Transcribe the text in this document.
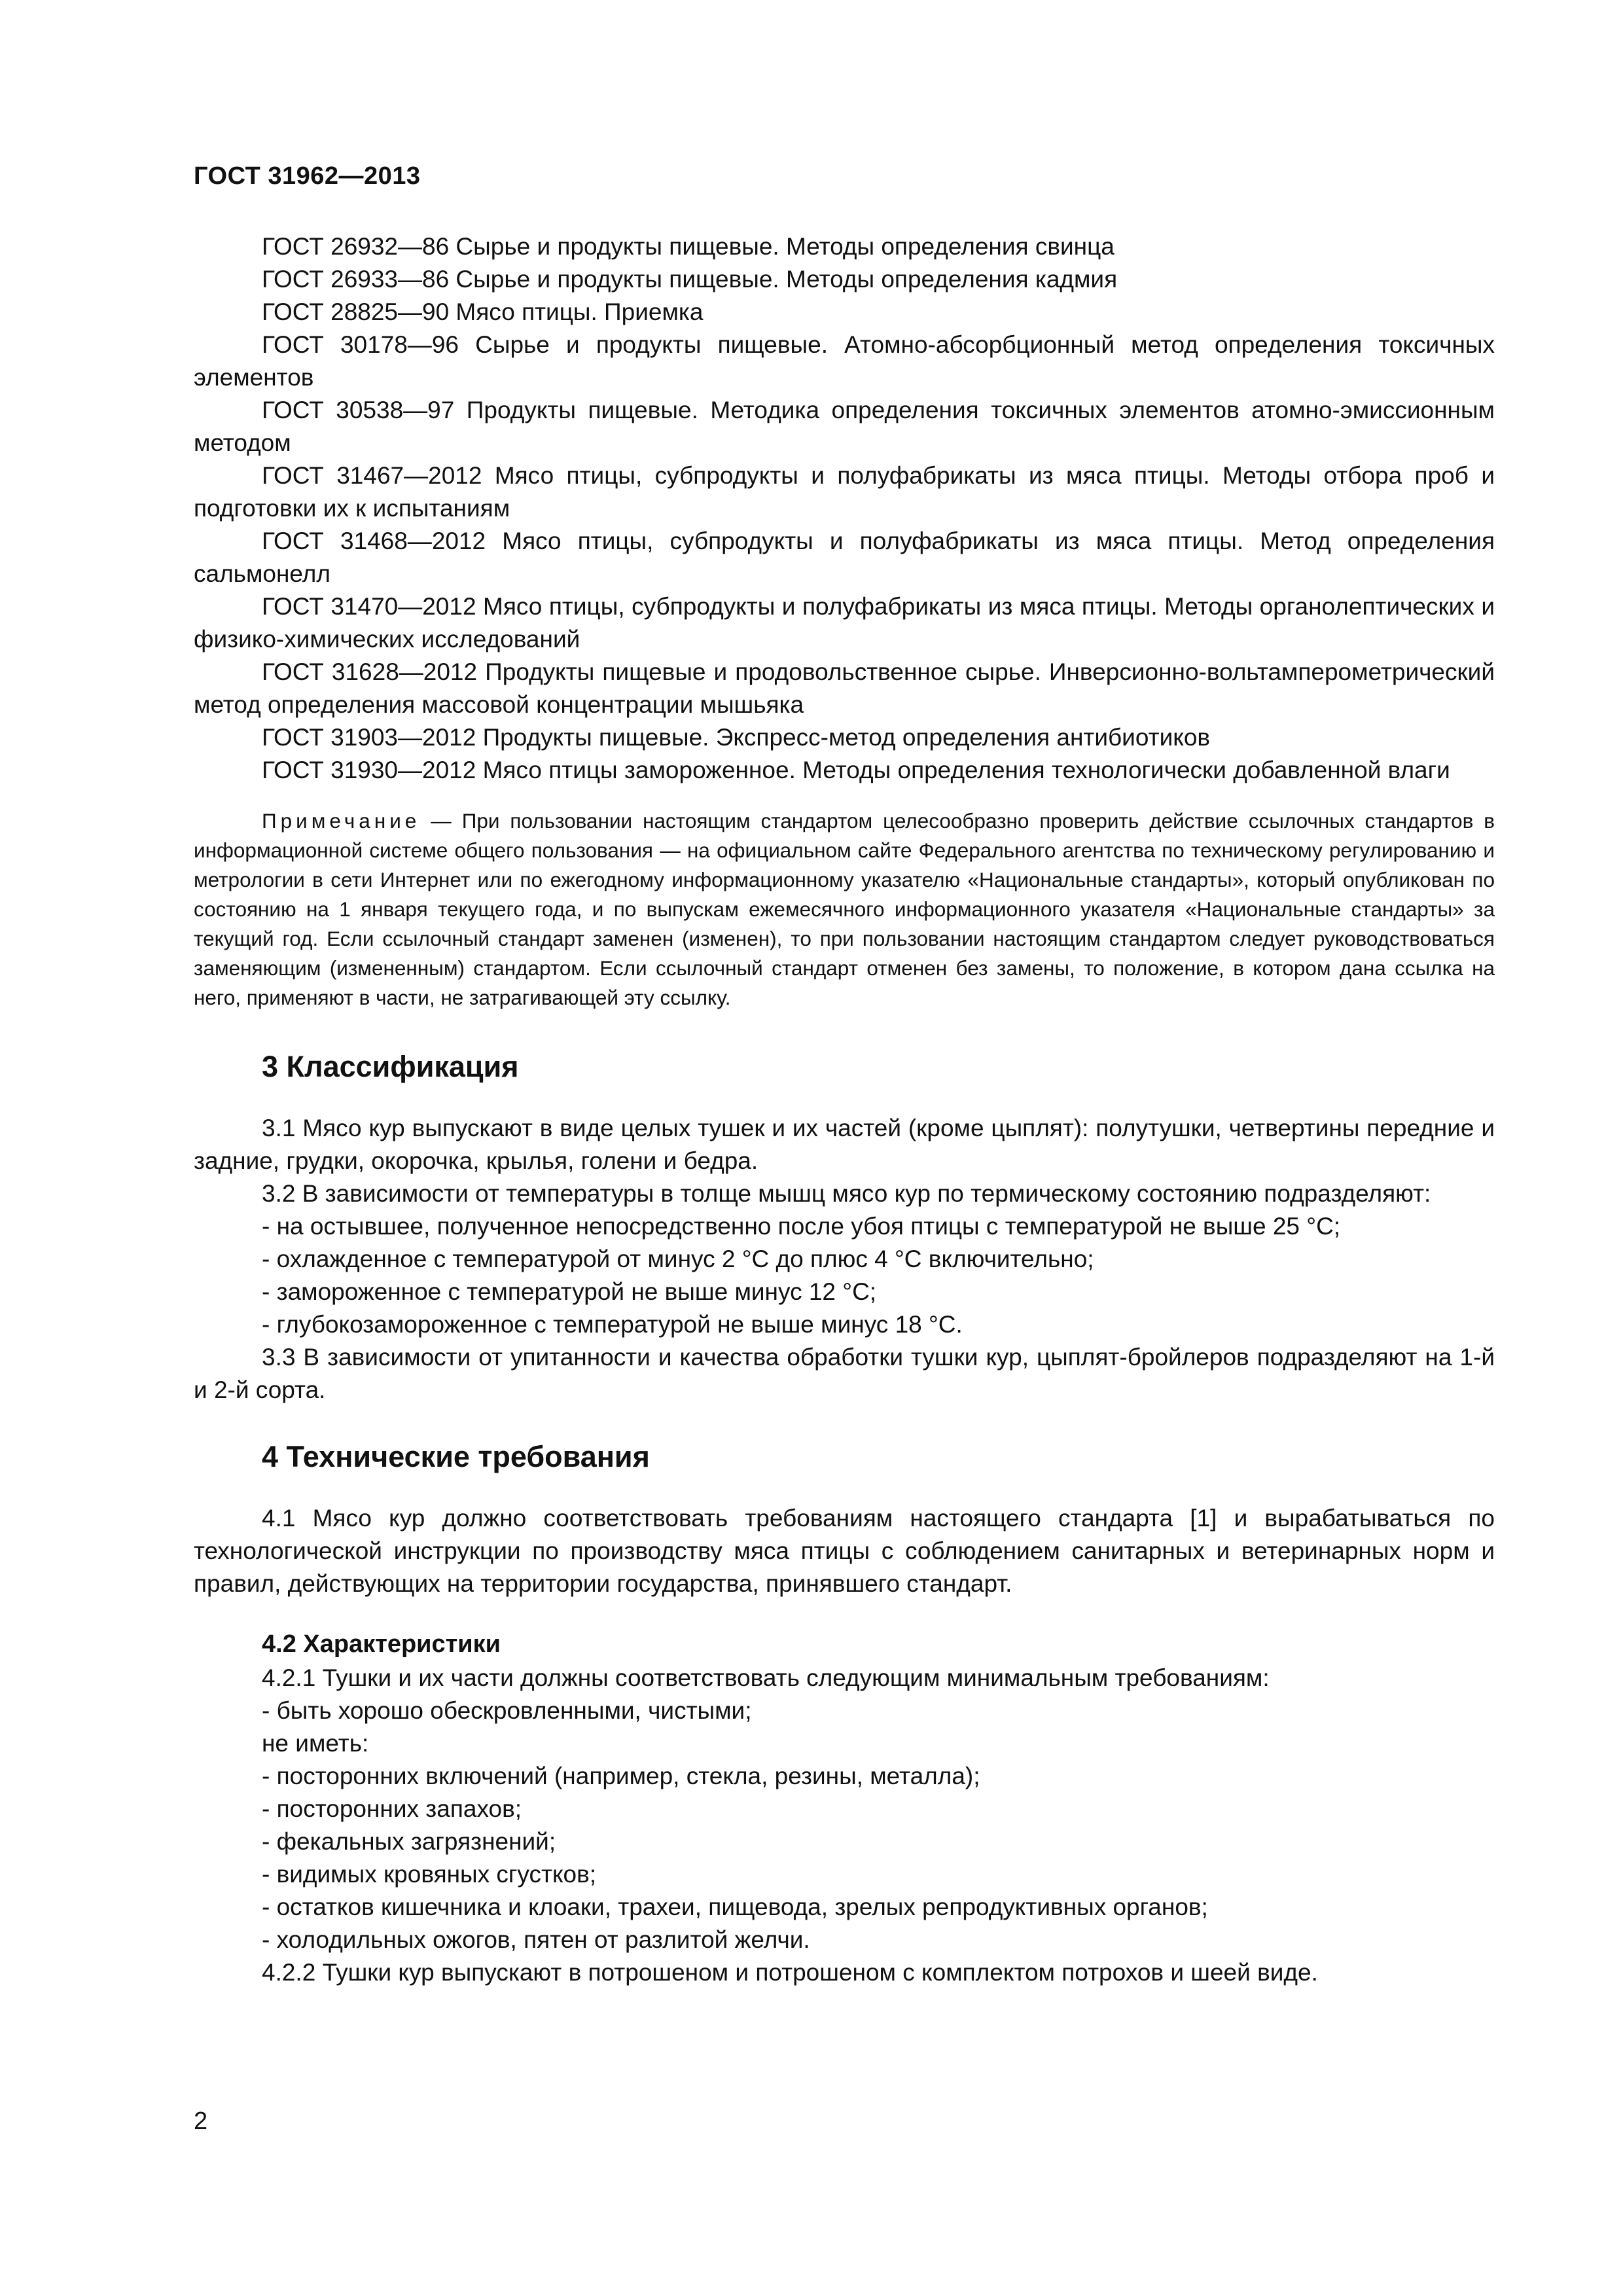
ГОСТ 31962—2013

ГОСТ 26932—86 Сырье и продукты пищевые. Методы определения свинца

ГОСТ 26933—86 Сырье и продукты пищевые. Методы определения кадмия

ГОСТ 28825—90 Мясо птицы. Приемка

ГОСТ 30178—96 Сырье и продукты пищевые. Атомно-абсорбционный метод определения токсичных элементов

ГОСТ 30538—97 Продукты пищевые. Методика определения токсичных элементов атомно-эмиссионным методом

ГОСТ 31467—2012 Мясо птицы, субпродукты и полуфабрикаты из мяса птицы. Методы отбора проб и подготовки их к испытаниям

ГОСТ 31468—2012 Мясо птицы, субпродукты и полуфабрикаты из мяса птицы. Метод определения сальмонелл

ГОСТ 31470—2012 Мясо птицы, субпродукты и полуфабрикаты из мяса птицы. Методы органолептических и физико-химических исследований

ГОСТ 31628—2012 Продукты пищевые и продовольственное сырье. Инверсионно-вольтамперометрический метод определения массовой концентрации мышьяка

ГОСТ 31903—2012 Продукты пищевые. Экспресс-метод определения антибиотиков

ГОСТ 31930—2012 Мясо птицы замороженное. Методы определения технологически добавленной влаги

Примечание — При пользовании настоящим стандартом целесообразно проверить действие ссылочных стандартов в информационной системе общего пользования — на официальном сайте Федерального агентства по техническому регулированию и метрологии в сети Интернет или по ежегодному информационному указателю «Национальные стандарты», который опубликован по состоянию на 1 января текущего года, и по выпускам ежемесячного информационного указателя «Национальные стандарты» за текущий год. Если ссылочный стандарт заменен (изменен), то при пользовании настоящим стандартом следует руководствоваться заменяющим (измененным) стандартом. Если ссылочный стандарт отменен без замены, то положение, в котором дана ссылка на него, применяют в части, не затрагивающей эту ссылку.
3 Классификация

3.1 Мясо кур выпускают в виде целых тушек и их частей (кроме цыплят): полутушки, четвертины передние и задние, грудки, окорочка, крылья, голени и бедра.

3.2 В зависимости от температуры в толще мышц мясо кур по термическому состоянию подразделяют:

- на остывшее, полученное непосредственно после убоя птицы с температурой не выше 25 °С;

- охлажденное с температурой от минус 2 °С до плюс 4 °С включительно;

- замороженное с температурой не выше минус 12 °С;

- глубокозамороженное с температурой не выше минус 18 °С.

3.3 В зависимости от упитанности и качества обработки тушки кур, цыплят-бройлеров подразделяют на 1-й и 2-й сорта.

4 Технические требования

4.1 Мясо кур должно соответствовать требованиям настоящего стандарта [1] и вырабатываться по технологической инструкции по производству мяса птицы с соблюдением санитарных и ветеринарных норм и правил, действующих на территории государства, принявшего стандарт.

4.2 Характеристики

4.2.1 Тушки и их части должны соответствовать следующим минимальным требованиям:

- быть хорошо обескровленными, чистыми;

не иметь:

- посторонних включений (например, стекла, резины, металла);

- посторонних запахов;

- фекальных загрязнений;

- видимых кровяных сгустков;

- остатков кишечника и клоаки, трахеи, пищевода, зрелых репродуктивных органов;

- холодильных ожогов, пятен от разлитой желчи.

4.2.2 Тушки кур выпускают в потрошеном и потрошеном с комплектом потрохов и шеей виде.

2
